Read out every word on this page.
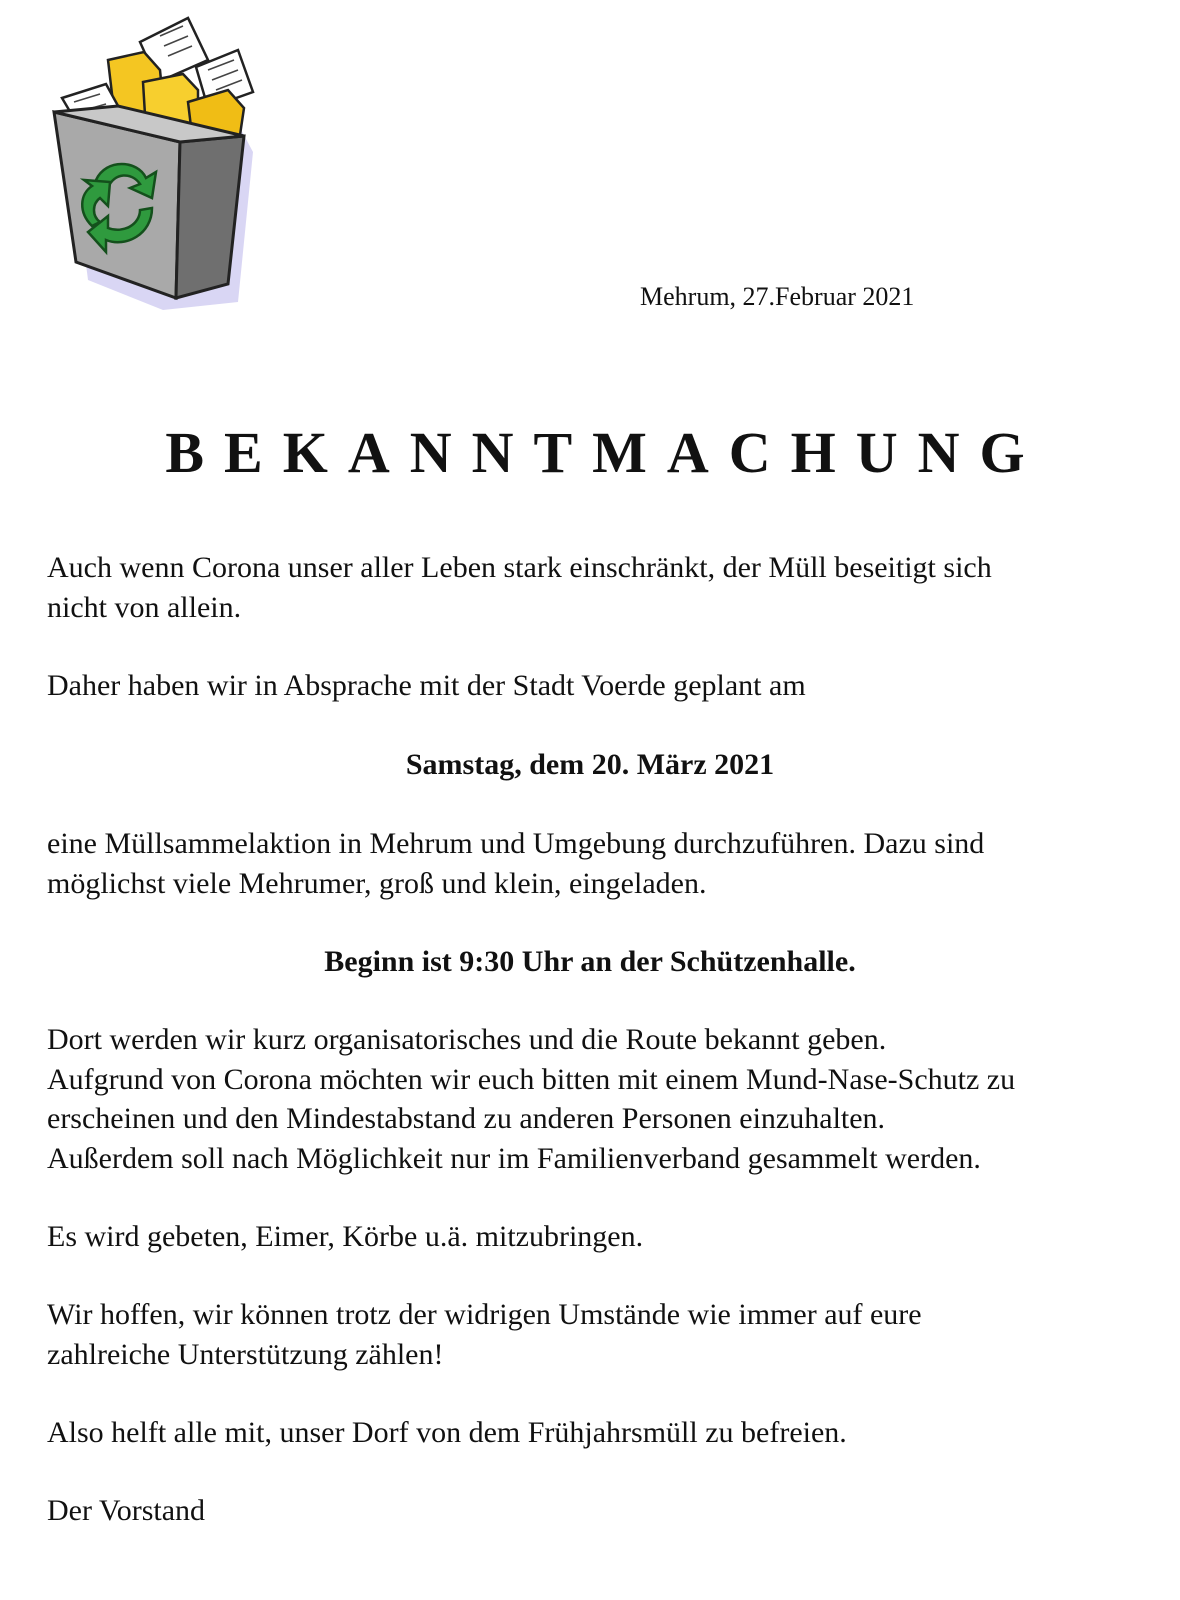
Mehrum, 27.Februar 2021
BEKANNTMACHUNG
Auch wenn Corona unser aller Leben stark einschränkt, der Müll beseitigt sich
nicht von allein.
Daher haben wir in Absprache mit der Stadt Voerde geplant am
Samstag, dem 20. März 2021
eine Müllsammelaktion in Mehrum und Umgebung durchzuführen. Dazu sind
möglichst viele Mehrumer, groß und klein, eingeladen.
Beginn ist 9:30 Uhr an der Schützenhalle.
Dort werden wir kurz organisatorisches und die Route bekannt geben.
Aufgrund von Corona möchten wir euch bitten mit einem Mund-Nase-Schutz zu
erscheinen und den Mindestabstand zu anderen Personen einzuhalten.
Außerdem soll nach Möglichkeit nur im Familienverband gesammelt werden.
Es wird gebeten, Eimer, Körbe u.ä. mitzubringen.
Wir hoffen, wir können trotz der widrigen Umstände wie immer auf eure
zahlreiche Unterstützung zählen!
Also helft alle mit, unser Dorf von dem Frühjahrsmüll zu befreien.
Der Vorstand
